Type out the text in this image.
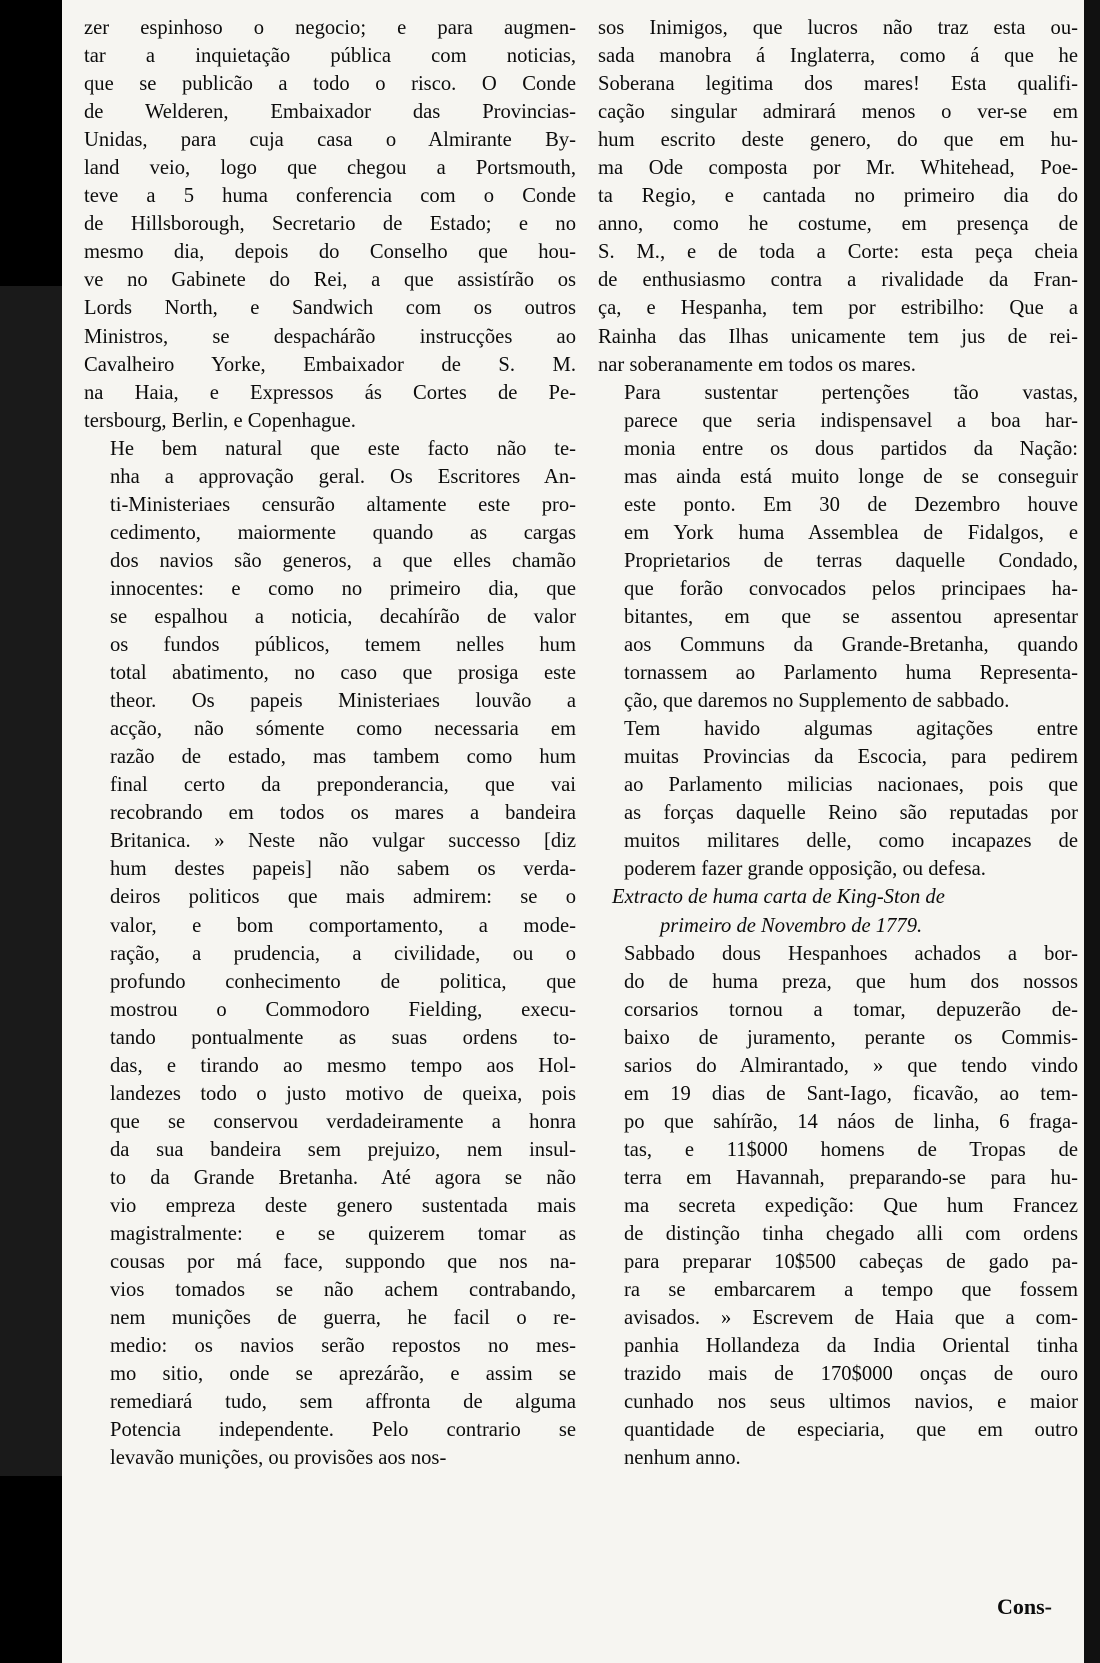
zer espinhoso o negocio; e para augmen-
tar a inquietação pública com noticias,
que se publicão a todo o risco. O Conde
de Welderen, Embaixador das Provincias-
Unidas, para cuja casa o Almirante By-
land veio, logo que chegou a Portsmouth,
teve a 5 huma conferencia com o Conde
de Hillsborough, Secretario de Estado; e no
mesmo dia, depois do Conselho que hou-
ve no Gabinete do Rei, a que assistírão os
Lords North, e Sandwich com os outros
Ministros, se despachárão instrucções ao
Cavalheiro Yorke, Embaixador de S. M.
na Haia, e Expressos ás Cortes de Pe-
tersbourg, Berlin, e Copenhague.

He bem natural que este facto não te-
nha a approvação geral. Os Escritores An-
ti-Ministeriaes censurão altamente este pro-
cedimento, maiormente quando as cargas
dos navios são generos, a que elles chamão
innocentes: e como no primeiro dia, que
se espalhou a noticia, decahírão de valor
os fundos públicos, temem nelles hum
total abatimento, no caso que prosiga este
theor. Os papeis Ministeriaes louvão a
acção, não sómente como necessaria em
razão de estado, mas tambem como hum
final certo da preponderancia, que vai
recobrando em todos os mares a bandeira
Britanica. » Neste não vulgar successo [diz
hum destes papeis] não sabem os verda-
deiros politicos que mais admirem: se o
valor, e bom comportamento, a mode-
ração, a prudencia, a civilidade, ou o
profundo conhecimento de politica, que
mostrou o Commodoro Fielding, execu-
tando pontualmente as suas ordens to-
das, e tirando ao mesmo tempo aos Hol-
landezes todo o justo motivo de queixa, pois
que se conservou verdadeiramente a honra
da sua bandeira sem prejuizo, nem insul-
to da Grande Bretanha. Até agora se não
vio empreza deste genero sustentada mais
magistralmente: e se quizerem tomar as
cousas por má face, suppondo que nos na-
vios tomados se não achem contrabando,
nem munições de guerra, he facil o re-
medio: os navios serão repostos no mes-
mo sitio, onde se aprezárão, e assim se
remediará tudo, sem affronta de alguma
Potencia independente. Pelo contrario se
levavão munições, ou provisões aos nos-

sos Inimigos, que lucros não traz esta ou-
sada manobra á Inglaterra, como á que he
Soberana legitima dos mares! Esta qualifi-
cação singular admirará menos o ver-se em
hum escrito deste genero, do que em hu-
ma Ode composta por Mr. Whitehead, Poe-
ta Regio, e cantada no primeiro dia do
anno, como he costume, em presença de
S. M., e de toda a Corte: esta peça cheia
de enthusiasmo contra a rivalidade da Fran-
ça, e Hespanha, tem por estribilho: Que a
Rainha das Ilhas unicamente tem jus de rei-
nar soberanamente em todos os mares.

Para sustentar pertenções tão vastas,
parece que seria indispensavel a boa har-
monia entre os dous partidos da Nação:
mas ainda está muito longe de se conseguir
este ponto. Em 30 de Dezembro houve
em York huma Assemblea de Fidalgos, e
Proprietarios de terras daquelle Condado,
que forão convocados pelos principaes ha-
bitantes, em que se assentou apresentar
aos Communs da Grande-Bretanha, quando
tornassem ao Parlamento huma Representa-
ção, que daremos no Supplemento de sabbado.

Tem havido algumas agitações entre
muitas Provincias da Escocia, para pedirem
ao Parlamento milicias nacionaes, pois que
as forças daquelle Reino são reputadas por
muitos militares delle, como incapazes de
poderem fazer grande opposição, ou defesa.

Extracto de huma carta de King-Ston de
primeiro de Novembro de 1779.

Sabbado dous Hespanhoes achados a bor-
do de huma preza, que hum dos nossos
corsarios tornou a tomar, depuzerão de-
baixo de juramento, perante os Commis-
sarios do Almirantado, » que tendo vindo
em 19 dias de Sant-Iago, ficavão, ao tem-
po que sahírão, 14 náos de linha, 6 fraga-
tas, e 11$000 homens de Tropas de
terra em Havannah, preparando-se para hu-
ma secreta expedição: Que hum Francez
de distinção tinha chegado alli com ordens
para preparar 10$500 cabeças de gado pa-
ra se embarcarem a tempo que fossem
avisados. » Escrevem de Haia que a com-
panhia Hollandeza da India Oriental tinha
trazido mais de 170$000 onças de ouro
cunhado nos seus ultimos navios, e maior
quantidade de especiaria, que em outro
nenhum anno.

Cons-
